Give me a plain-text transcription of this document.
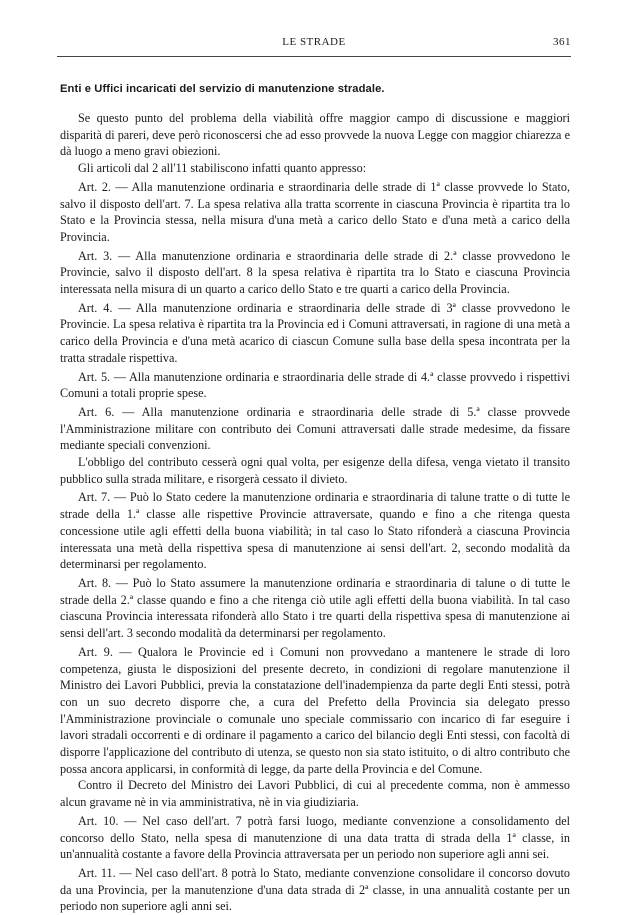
LE STRADE	361
Enti e Uffici incaricati del servizio di manutenzione stradale.

Se questo punto del problema della viabilità offre maggior campo di discussione e maggiori disparità di pareri, deve però riconoscersi che ad esso provvede la nuova Legge con maggior chiarezza e dà luogo a meno gravi obiezioni.

Gli articoli dal 2 all'11 stabiliscono infatti quanto appresso:

Art. 2. — Alla manutenzione ordinaria e straordinaria delle strade di 1ª classe provvede lo Stato, salvo il disposto dell'art. 7. La spesa relativa alla tratta scorrente in ciascuna Provincia è ripartita tra lo Stato e la Provincia stessa, nella misura d'una metà a carico dello Stato e d'una metà a carico della Provincia.

Art. 3. — Alla manutenzione ordinaria e straordinaria delle strade di 2.ª classe provvedono le Provincie, salvo il disposto dell'art. 8 la spesa relativa è ripartita tra lo Stato e ciascuna Provincia interessata nella misura di un quarto a carico dello Stato e tre quarti a carico della Provincia.

Art. 4. — Alla manutenzione ordinaria e straordinaria delle strade di 3ª classe provvedono le Provincie. La spesa relativa è ripartita tra la Provincia ed i Comuni attraversati, in ragione di una metà a carico della Provincia e d'una metà acarico di ciascun Comune sulla base della spesa incontrata per la tratta stradale rispettiva.

Art. 5. — Alla manutenzione ordinaria e straordinaria delle strade di 4.ª classe provvedo i rispettivi Comuni a totali proprie spese.

Art. 6. — Alla manutenzione ordinaria e straordinaria delle strade di 5.ª classe provvede l'Amministrazione militare con contributo dei Comuni attraversati dalle strade medesime, da fissare mediante speciali convenzioni.

L'obbligo del contributo cesserà ogni qual volta, per esigenze della difesa, venga vietato il transito pubblico sulla strada militare, e risorgerà cessato il divieto.

Art. 7. — Può lo Stato cedere la manutenzione ordinaria e straordinaria di talune tratte o di tutte le strade della 1.ª classe alle rispettive Provincie attraversate, quando e fino a che ritenga questa concessione utile agli effetti della buona viabilità; in tal caso lo Stato rifonderà a ciascuna Provincia interessata una metà della rispettiva spesa di manutenzione ai sensi dell'art. 2, secondo modalità da determinarsi per regolamento.

Art. 8. — Può lo Stato assumere la manutenzione ordinaria e straordinaria di talune o di tutte le strade della 2.ª classe quando e fino a che ritenga ciò utile agli effetti della buona viabilità. In tal caso ciascuna Provincia interessata rifonderà allo Stato i tre quarti della rispettiva spesa di manutenzione ai sensi dell'art. 3 secondo modalità da determinarsi per regolamento.

Art. 9. — Qualora le Provincie ed i Comuni non provvedano a mantenere le strade di loro competenza, giusta le disposizioni del presente decreto, in condizioni di regolare manutenzione il Ministro dei Lavori Pubblici, previa la constatazione dell'inadempienza da parte degli Enti stessi, potrà con un suo decreto disporre che, a cura del Prefetto della Provincia sia delegato presso l'Amministrazione provinciale o comunale uno speciale commissario con incarico di far eseguire i lavori stradali occorrenti e di ordinare il pagamento a carico del bilancio degli Enti stessi, con facoltà di disporre l'applicazione del contributo di utenza, se questo non sia stato istituito, o di altro contributo che possa ancora applicarsi, in conformità di legge, da parte della Provincia e del Comune.

Contro il Decreto del Ministro dei Lavori Pubblici, di cui al precedente comma, non è ammesso alcun gravame nè in via amministrativa, nè in via giudiziaria.

Art. 10. — Nel caso dell'art. 7 potrà farsi luogo, mediante convenzione a consolidamento del concorso dello Stato, nella spesa di manutenzione di una data tratta di strada della 1ª classe, in un'annualità costante a favore della Provincia attraversata per un periodo non superiore agli anni sei.

Art. 11. — Nel caso dell'art. 8 potrà lo Stato, mediante convenzione consolidare il concorso dovuto da una Provincia, per la manutenzione d'una data strada di 2ª classe, in una annualità costante per un periodo non superiore agli anni sei.
